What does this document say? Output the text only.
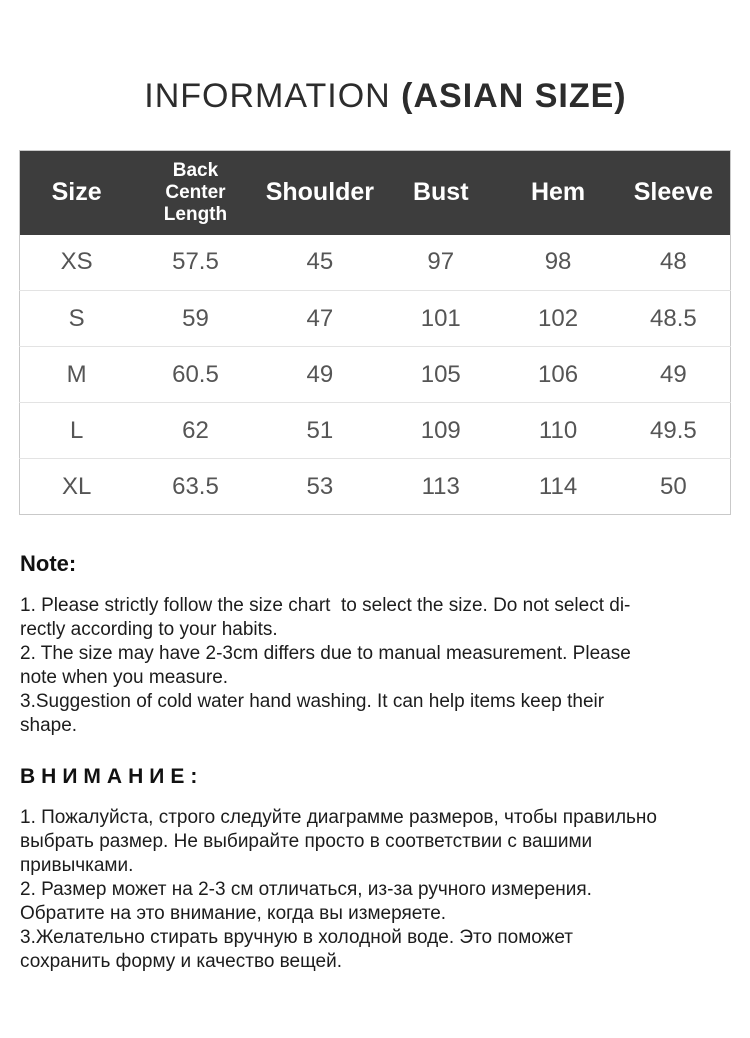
INFORMATION (ASIAN SIZE)

Size	Back Center Length	Shoulder	Bust	Hem	Sleeve
XS	57.5	45	97	98	48
S	59	47	101	102	48.5
M	60.5	49	105	106	49
L	62	51	109	110	49.5
XL	63.5	53	113	114	50
Note:
1. Please strictly follow the size chart  to select the size. Do not select di-
rectly according to your habits.
2. The size may have 2-3cm differs due to manual measurement. Please
note when you measure.
3.Suggestion of cold water hand washing. It can help items keep their
shape.
ВНИМАНИЕ:
1. Пожалуйста, строго следуйте диаграмме размеров, чтобы правильно
выбрать размер. Не выбирайте просто в соответствии с вашими
привычками.
2. Размер может на 2-3 см отличаться, из-за ручного измерения.
Обратите на это внимание, когда вы измеряете.
3.Желательно стирать вручную в холодной воде. Это поможет
сохранить форму и качество вещей.
